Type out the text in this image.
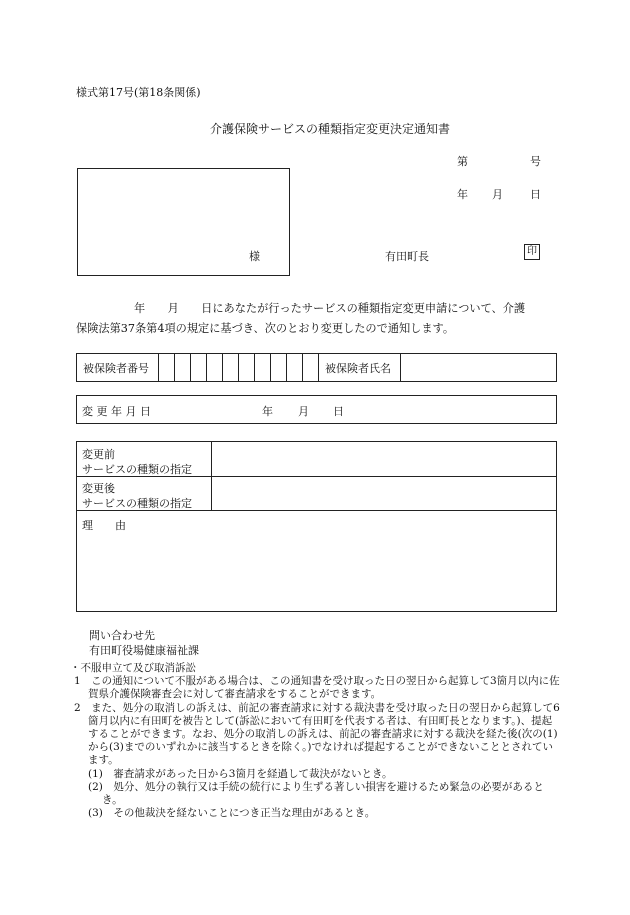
様式第17号(第18条関係)
介護保険サービスの種類指定変更決定通知書
第	号
年 月 日
様	有田町長	印
年　　月　　日にあなたが行ったサービスの種類指定変更申請について、介護
保険法第37条第4項の規定に基づき、次のとおり変更したので通知します。
被保険者番号											被保険者氏名	
変 更 年 月 日	年 月 日
変更前
サービスの種類の指定
変更後
サービスの種類の指定
理　　由
問い合わせ先
有田町役場健康福祉課
・不服申立て及び取消訴訟
1　この通知について不服がある場合は、この通知書を受け取った日の翌日から起算して3箇月以内に佐賀県介護保険審査会に対して審査請求をすることができます。
2　また、処分の取消しの訴えは、前記の審査請求に対する裁決書を受け取った日の翌日から起算して6箇月以内に有田町を被告として(訴訟において有田町を代表する者は、有田町長となります。)、提起することができます。なお、処分の取消しの訴えは、前記の審査請求に対する裁決を経た後(次の(1)から(3)までのいずれかに該当するときを除く。)でなければ提起することができないこととされています。
(1)　審査請求があった日から3箇月を経過して裁決がないとき。
(2)　処分、処分の執行又は手続の続行により生ずる著しい損害を避けるため緊急の必要があるとき。
(3)　その他裁決を経ないことにつき正当な理由があるとき。
